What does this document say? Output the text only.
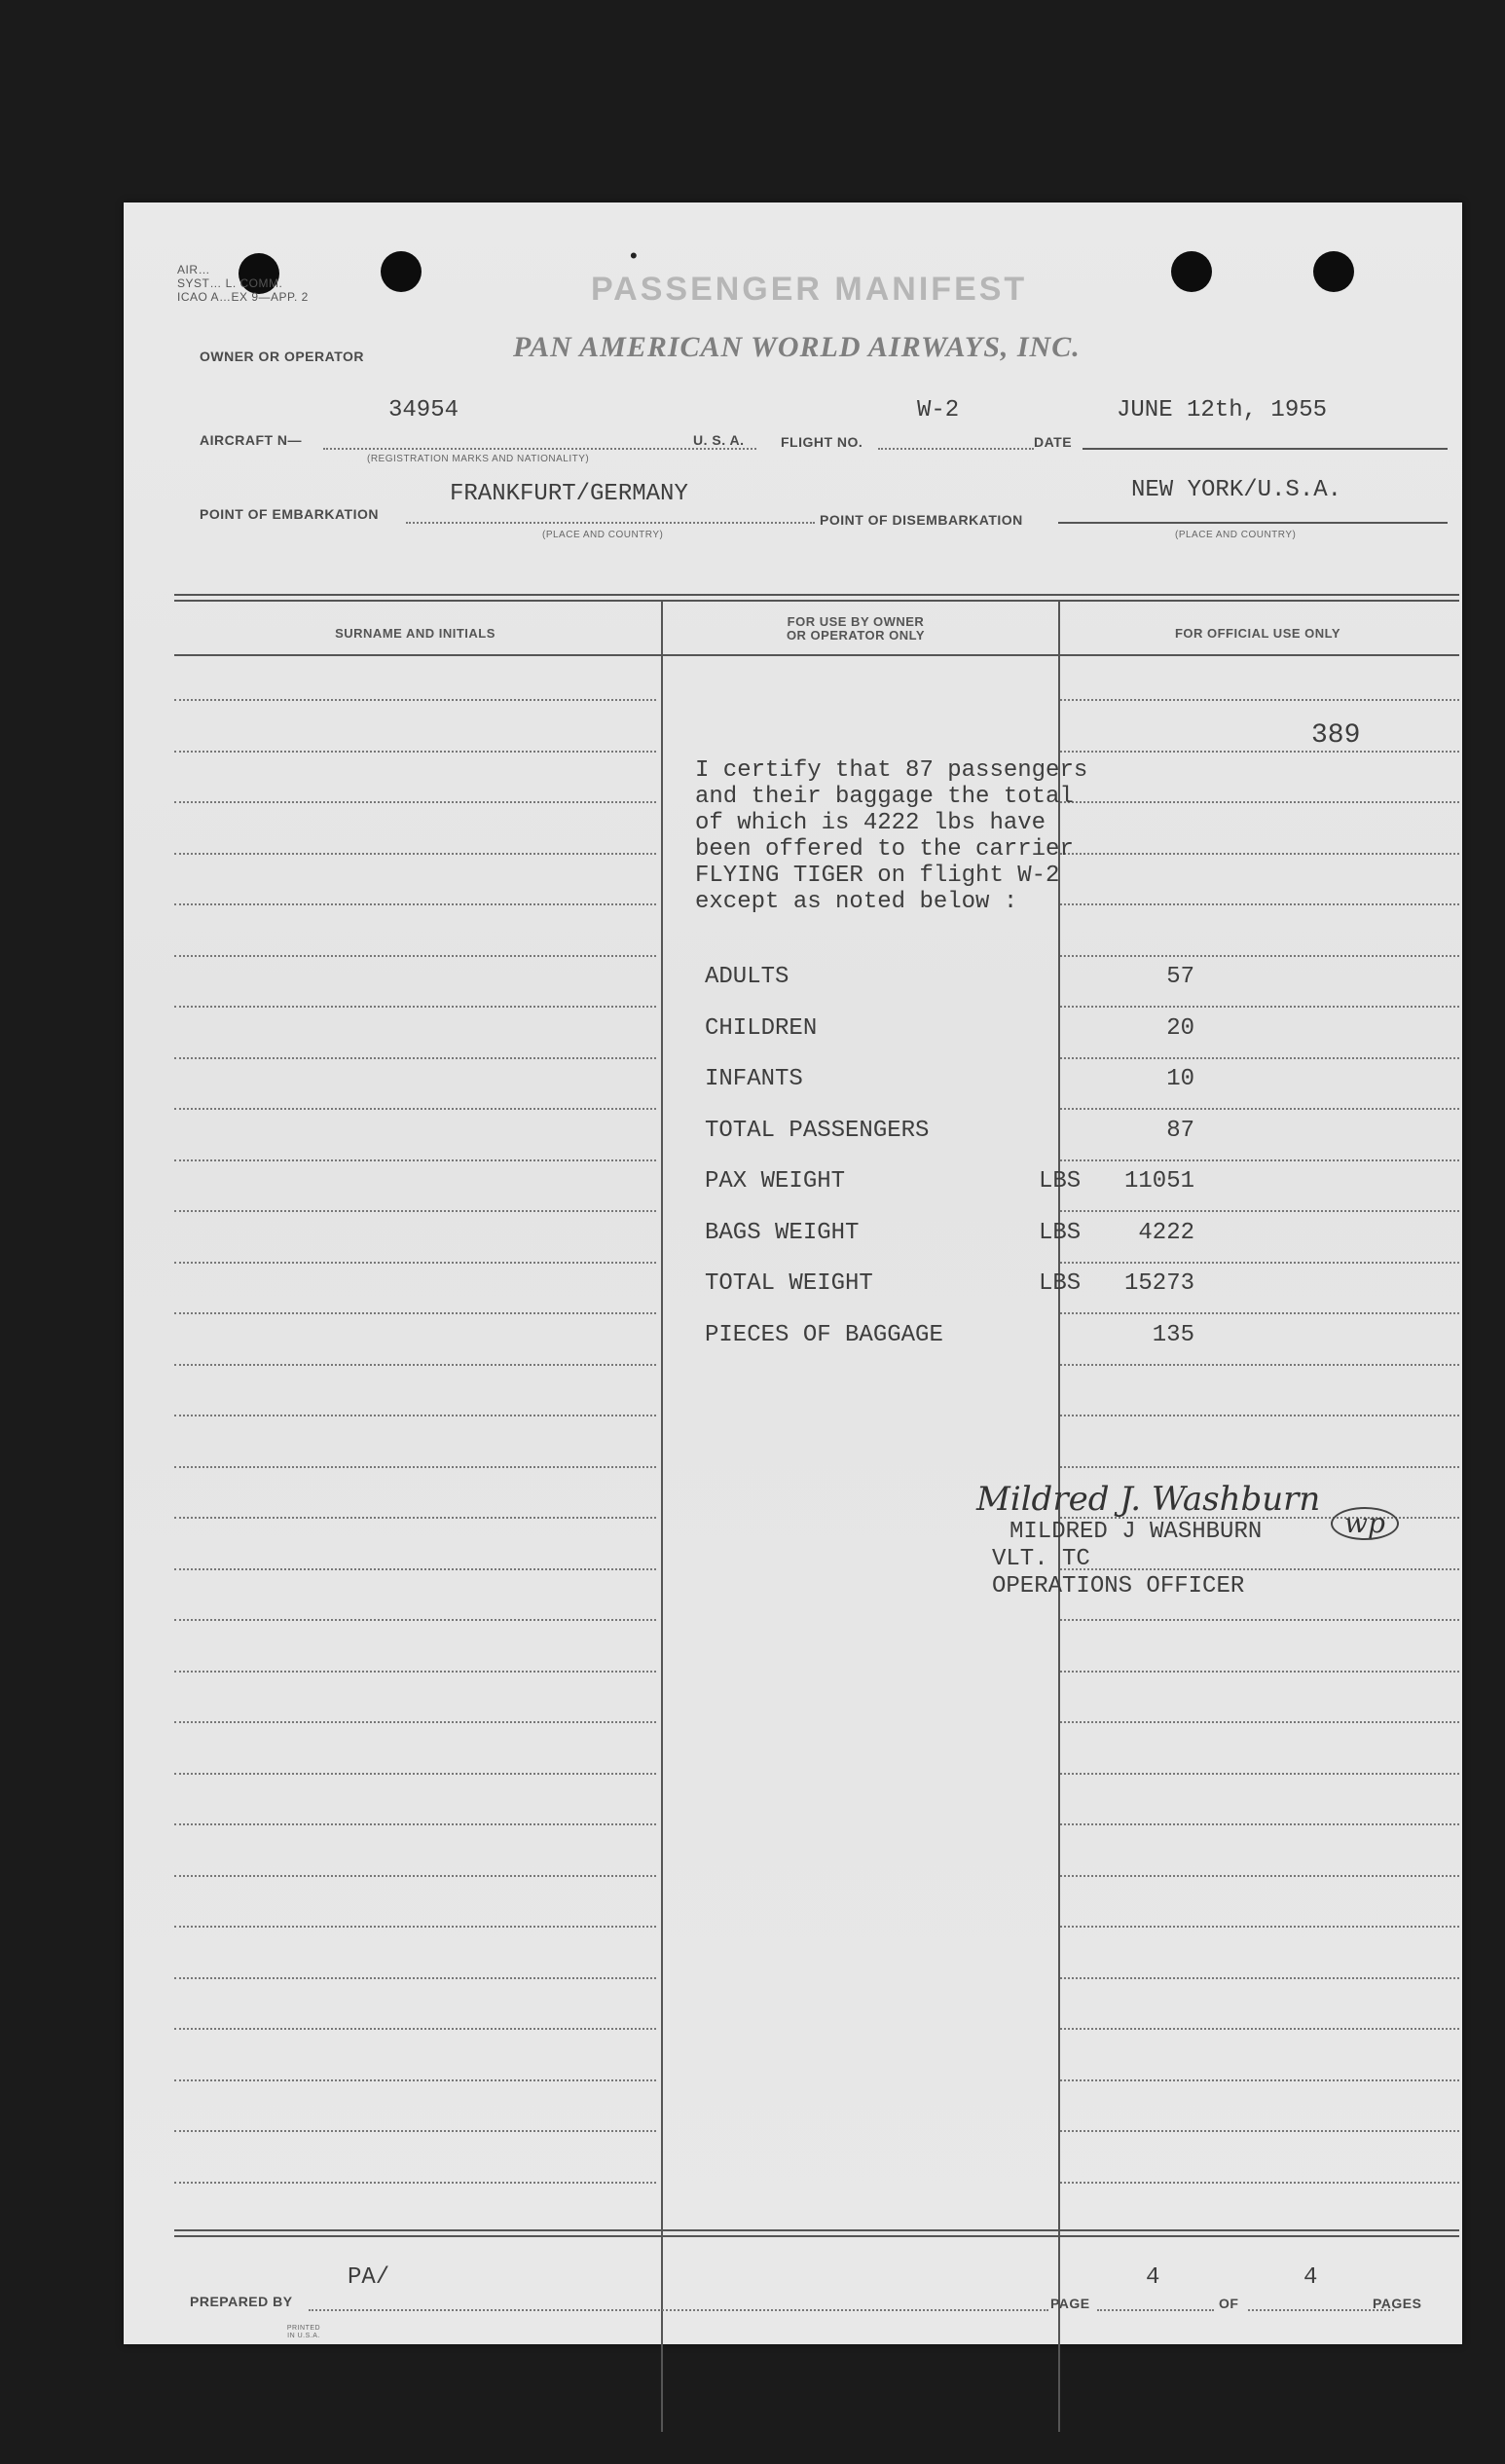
AIR…
SYST… L. COMM.
ICAO A…EX 9—APP. 2	PASSENGER MANIFEST
OWNER OR OPERATOR	PAN AMERICAN WORLD AIRWAYS, INC.
AIRCRAFT N—
34954
(REGISTRATION MARKS AND NATIONALITY)
U. S. A.	FLIGHT NO.
W-2
DATE
JUNE 12th, 1955
POINT OF EMBARKATION
FRANKFURT/GERMANY
(PLACE AND COUNTRY)
POINT OF DISEMBARKATION
NEW YORK/U.S.A.
(PLACE AND COUNTRY)
SURNAME AND INITIALS
FOR USE BY OWNER
OR OPERATOR ONLY	FOR OFFICIAL USE ONLY
389
I certify that 87 passengers
and their baggage the total
of which is 4222 lbs have
been offered to the carrier
FLYING TIGER on flight W-2
except as noted below :
ADULTS	57
CHILDREN	20
INFANTS	10
TOTAL PASSENGERS	87
PAX WEIGHT	LBS	11051
BAGS WEIGHT	LBS	4222
TOTAL WEIGHT	LBS	15273
PIECES OF BAGGAGE	135
Mildred J. Washburn
wp
MILDRED J WASHBURN
VLT. TC
OPERATIONS OFFICER
PREPARED BY
PA/
PAGE
4
OF
4
PAGES
PRINTED IN U.S.A.
•
